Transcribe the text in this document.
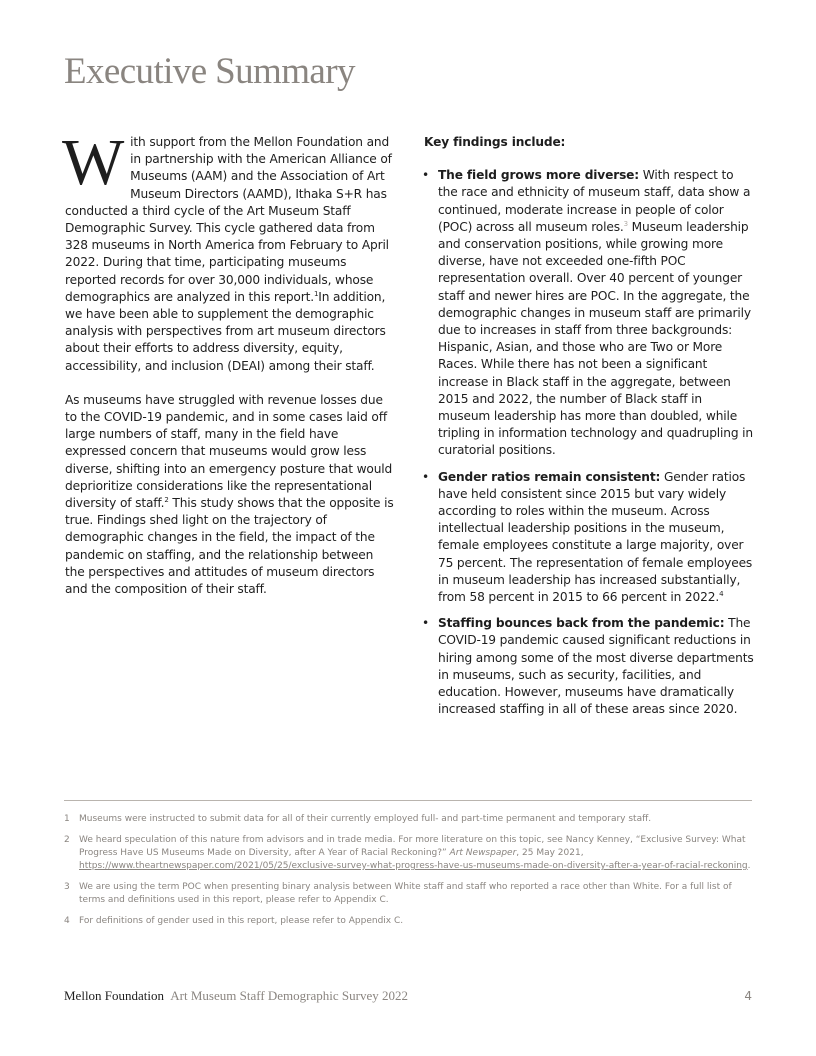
Executive Summary

With support from the Mellon Foundation and in partnership with the American Alliance of Museums (AAM) and the Association of Art Museum Directors (AAMD), Ithaka S+R has conducted a third cycle of the Art Museum Staff Demographic Survey. This cycle gathered data from 328 museums in North America from February to April 2022. During that time, participating museums reported records for over 30,000 individuals, whose demographics are analyzed in this report.$^1$In addition, we have been able to supplement the demographic analysis with perspectives from art museum directors about their efforts to address diversity, equity, accessibility, and inclusion (DEAI) among their staff.

As museums have struggled with revenue losses due to the COVID-19 pandemic, and in some cases laid off large numbers of staff, many in the field have expressed concern that museums would grow less diverse, shifting into an emergency posture that would deprioritize considerations like the representational diversity of staff.$^2$ This study shows that the opposite is true. Findings shed light on the trajectory of demographic changes in the field, the impact of the pandemic on staffing, and the relationship between the perspectives and attitudes of museum directors and the composition of their staff.

Key findings include:

• The field grows more diverse: With respect to the race and ethnicity of museum staff, data show a continued, moderate increase in people of color (POC) across all museum roles.$^3$ Museum leadership and conservation positions, while growing more diverse, have not exceeded one-fifth POC representation overall. Over 40 percent of younger staff and newer hires are POC. In the aggregate, the demographic changes in museum staff are primarily due to increases in staff from three backgrounds: Hispanic, Asian, and those who are Two or More Races. While there has not been a significant increase in Black staff in the aggregate, between 2015 and 2022, the number of Black staff in museum leadership has more than doubled, while tripling in information technology and quadrupling in curatorial positions.
• Gender ratios remain consistent: Gender ratios have held consistent since 2015 but vary widely according to roles within the museum. Across intellectual leadership positions in the museum, female employees constitute a large majority, over 75 percent. The representation of female employees in museum leadership has increased substantially, from 58 percent in 2015 to 66 percent in 2022.$^4$
• Staffing bounces back from the pandemic: The COVID-19 pandemic caused significant reductions in hiring among some of the most diverse departments in museums, such as security, facilities, and education. However, museums have dramatically increased staffing in all of these areas since 2020.
1	Museums were instructed to submit data for all of their currently employed full- and part-time permanent and temporary staff.
2	We heard speculation of this nature from advisors and in trade media. For more literature on this topic, see Nancy Kenney, “Exclusive Survey: What Progress Have US Museums Made on Diversity, after A Year of Racial Reckoning?” Art Newspaper, 25 May 2021, https://www.theartnewspaper.com/2021/05/25/exclusive-survey-what-progress-have-us-museums-made-on-diversity-after-a-year-of-racial-reckoning.
3	We are using the term POC when presenting binary analysis between White staff and staff who reported a race other than White. For a full list of terms and definitions used in this report, please refer to Appendix C.
4	For definitions of gender used in this report, please refer to Appendix C.
Mellon Foundation Art Museum Staff Demographic Survey 2022	4
